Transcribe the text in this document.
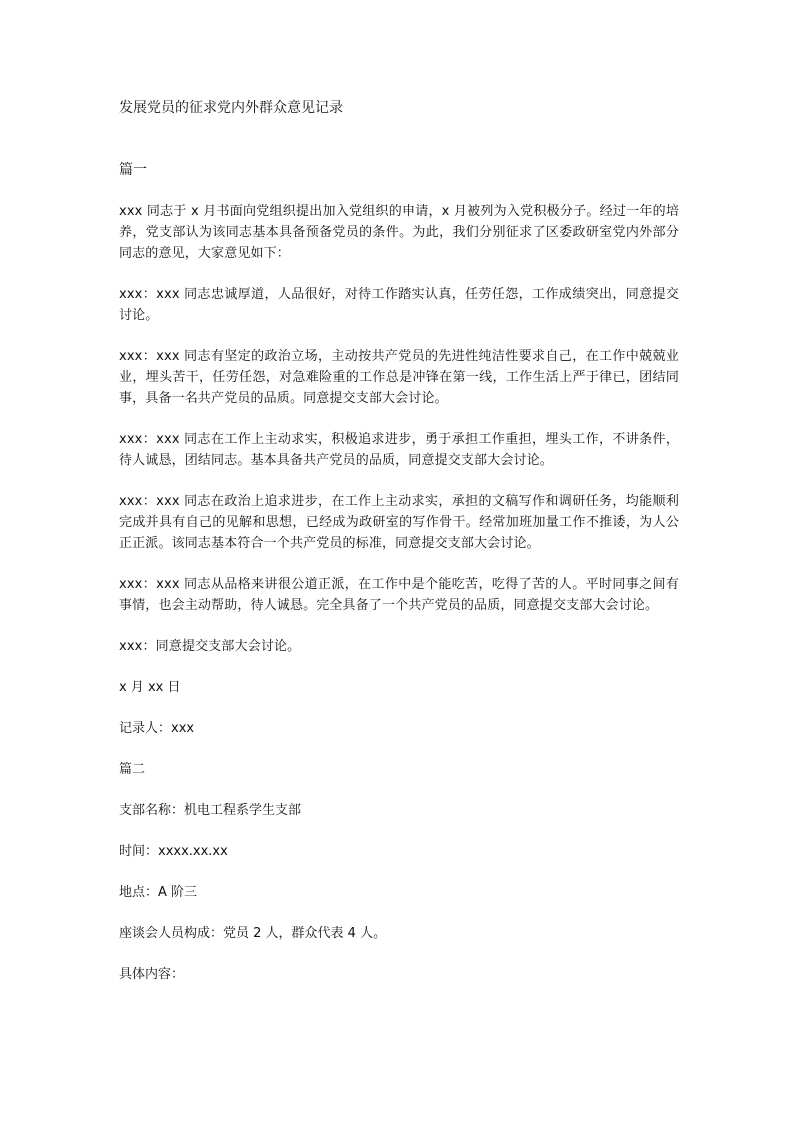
发展党员的征求党内外群众意见记录
篇一

xxx 同志于 x 月书面向党组织提出加入党组织的申请，x 月被列为入党积极分子。经过一年的培养，党支部认为该同志基本具备预备党员的条件。为此，我们分别征求了区委政研室党内外部分同志的意见，大家意见如下：

xxx：xxx 同志忠诚厚道，人品很好，对待工作踏实认真，任劳任怨，工作成绩突出，同意提交讨论。

xxx：xxx 同志有坚定的政治立场，主动按共产党员的先进性纯洁性要求自己，在工作中兢兢业业，埋头苦干，任劳任怨，对急难险重的工作总是冲锋在第一线，工作生活上严于律已，团结同事，具备一名共产党员的品质。同意提交支部大会讨论。

xxx：xxx 同志在工作上主动求实，积极追求进步，勇于承担工作重担，埋头工作，不讲条件，待人诚恳，团结同志。基本具备共产党员的品质，同意提交支部大会讨论。

xxx：xxx 同志在政治上追求进步，在工作上主动求实，承担的文稿写作和调研任务，均能顺利完成并具有自己的见解和思想，已经成为政研室的写作骨干。经常加班加量工作不推诿，为人公正正派。该同志基本符合一个共产党员的标准，同意提交支部大会讨论。

xxx：xxx 同志从品格来讲很公道正派，在工作中是个能吃苦，吃得了苦的人。平时同事之间有事情，也会主动帮助，待人诚恳。完全具备了一个共产党员的品质，同意提交支部大会讨论。

xxx：同意提交支部大会讨论。

x 月 xx 日
记录人：xxx
篇二
支部名称：机电工程系学生支部
时间：xxxx.xx.xx
地点：A 阶三
座谈会人员构成：党员 2 人，群众代表 4 人。
具体内容：
